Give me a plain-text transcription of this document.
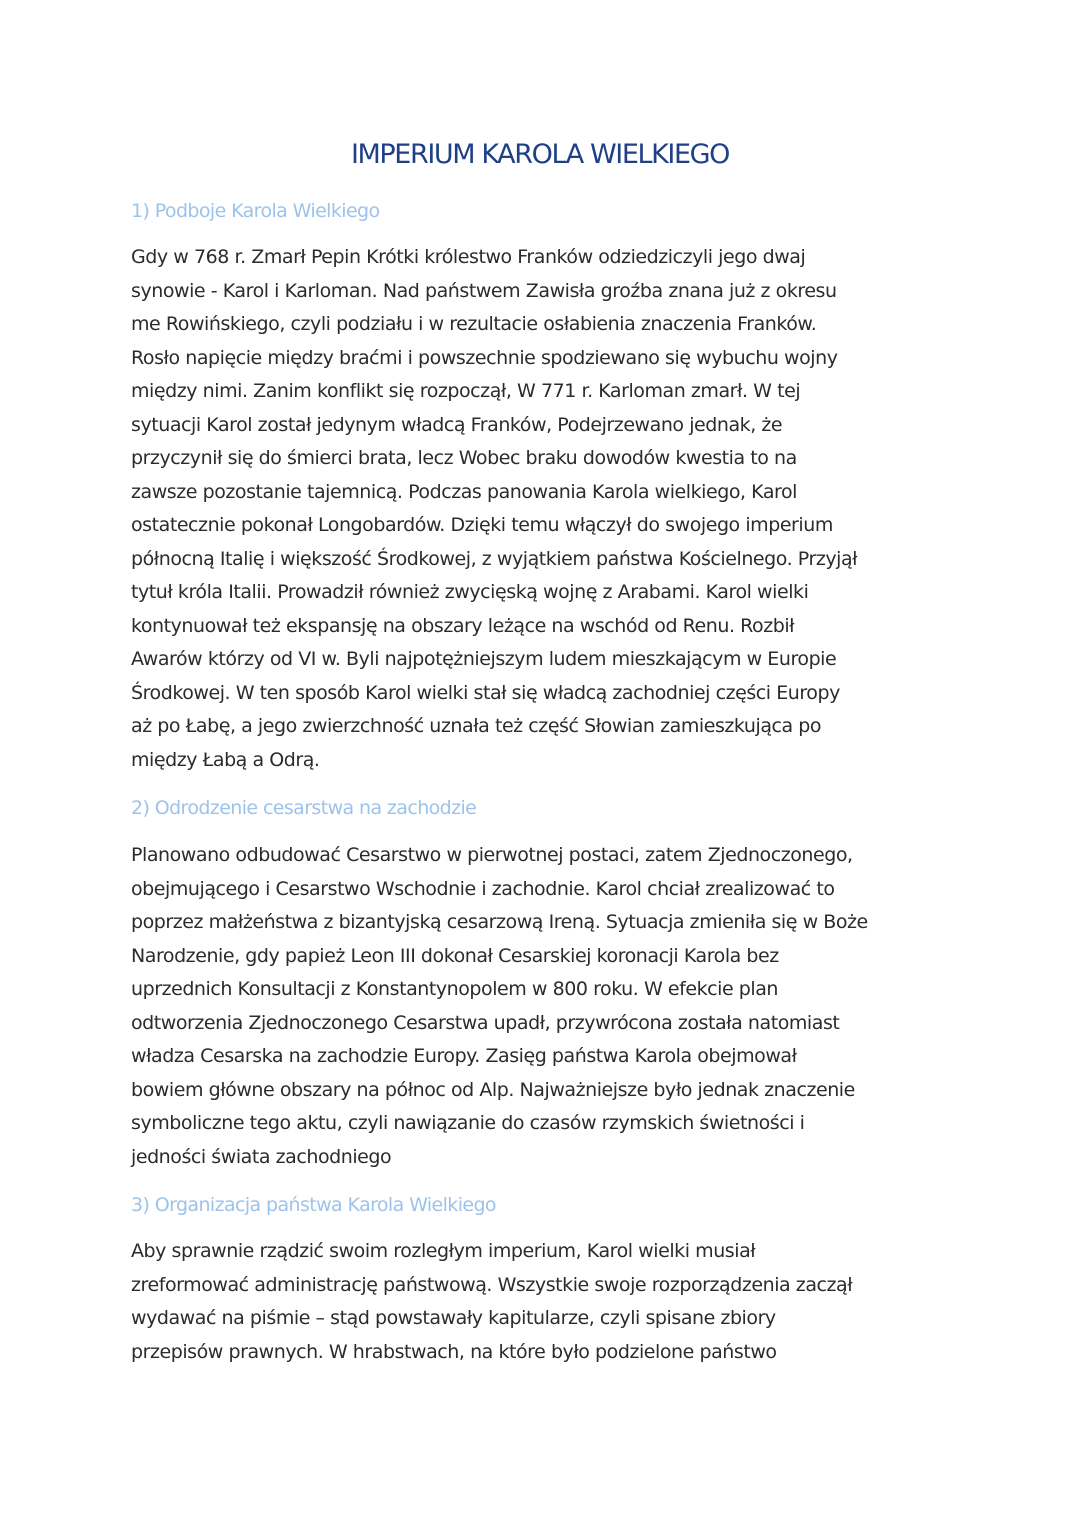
IMPERIUM KAROLA WIELKIEGO
1) Podboje Karola Wielkiego
Gdy w 768 r. Zmarł Pepin Krótki królestwo Franków odziedziczyli jego dwaj
synowie - Karol i Karloman. Nad państwem Zawisła groźba znana już z okresu
me Rowińskiego, czyli podziału i w rezultacie osłabienia znaczenia Franków.
Rosło napięcie między braćmi i powszechnie spodziewano się wybuchu wojny
między nimi. Zanim konflikt się rozpoczął, W 771 r. Karloman zmarł. W tej
sytuacji Karol został jedynym władcą Franków, Podejrzewano jednak, że
przyczynił się do śmierci brata, lecz Wobec braku dowodów kwestia to na
zawsze pozostanie tajemnicą. Podczas panowania Karola wielkiego, Karol
ostatecznie pokonał Longobardów. Dzięki temu włączył do swojego imperium
północną Italię i większość Środkowej, z wyjątkiem państwa Kościelnego. Przyjął
tytuł króla Italii. Prowadził również zwycięską wojnę z Arabami. Karol wielki
kontynuował też ekspansję na obszary leżące na wschód od Renu. Rozbił
Awarów którzy od VI w. Byli najpotężniejszym ludem mieszkającym w Europie
Środkowej. W ten sposób Karol wielki stał się władcą zachodniej części Europy
aż po Łabę, a jego zwierzchność uznała też część Słowian zamieszkująca po
między Łabą a Odrą.
2) Odrodzenie cesarstwa na zachodzie
Planowano odbudować Cesarstwo w pierwotnej postaci, zatem Zjednoczonego,
obejmującego i Cesarstwo Wschodnie i zachodnie. Karol chciał zrealizować to
poprzez małżeństwa z bizantyjską cesarzową Ireną. Sytuacja zmieniła się w Boże
Narodzenie, gdy papież Leon III dokonał Cesarskiej koronacji Karola bez
uprzednich Konsultacji z Konstantynopolem w 800 roku. W efekcie plan
odtworzenia Zjednoczonego Cesarstwa upadł, przywrócona została natomiast
władza Cesarska na zachodzie Europy. Zasięg państwa Karola obejmował
bowiem główne obszary na północ od Alp. Najważniejsze było jednak znaczenie
symboliczne tego aktu, czyli nawiązanie do czasów rzymskich świetności i
jedności świata zachodniego
3) Organizacja państwa Karola Wielkiego
Aby sprawnie rządzić swoim rozległym imperium, Karol wielki musiał
zreformować administrację państwową. Wszystkie swoje rozporządzenia zaczął
wydawać na piśmie – stąd powstawały kapitularze, czyli spisane zbiory
przepisów prawnych. W hrabstwach, na które było podzielone państwo
